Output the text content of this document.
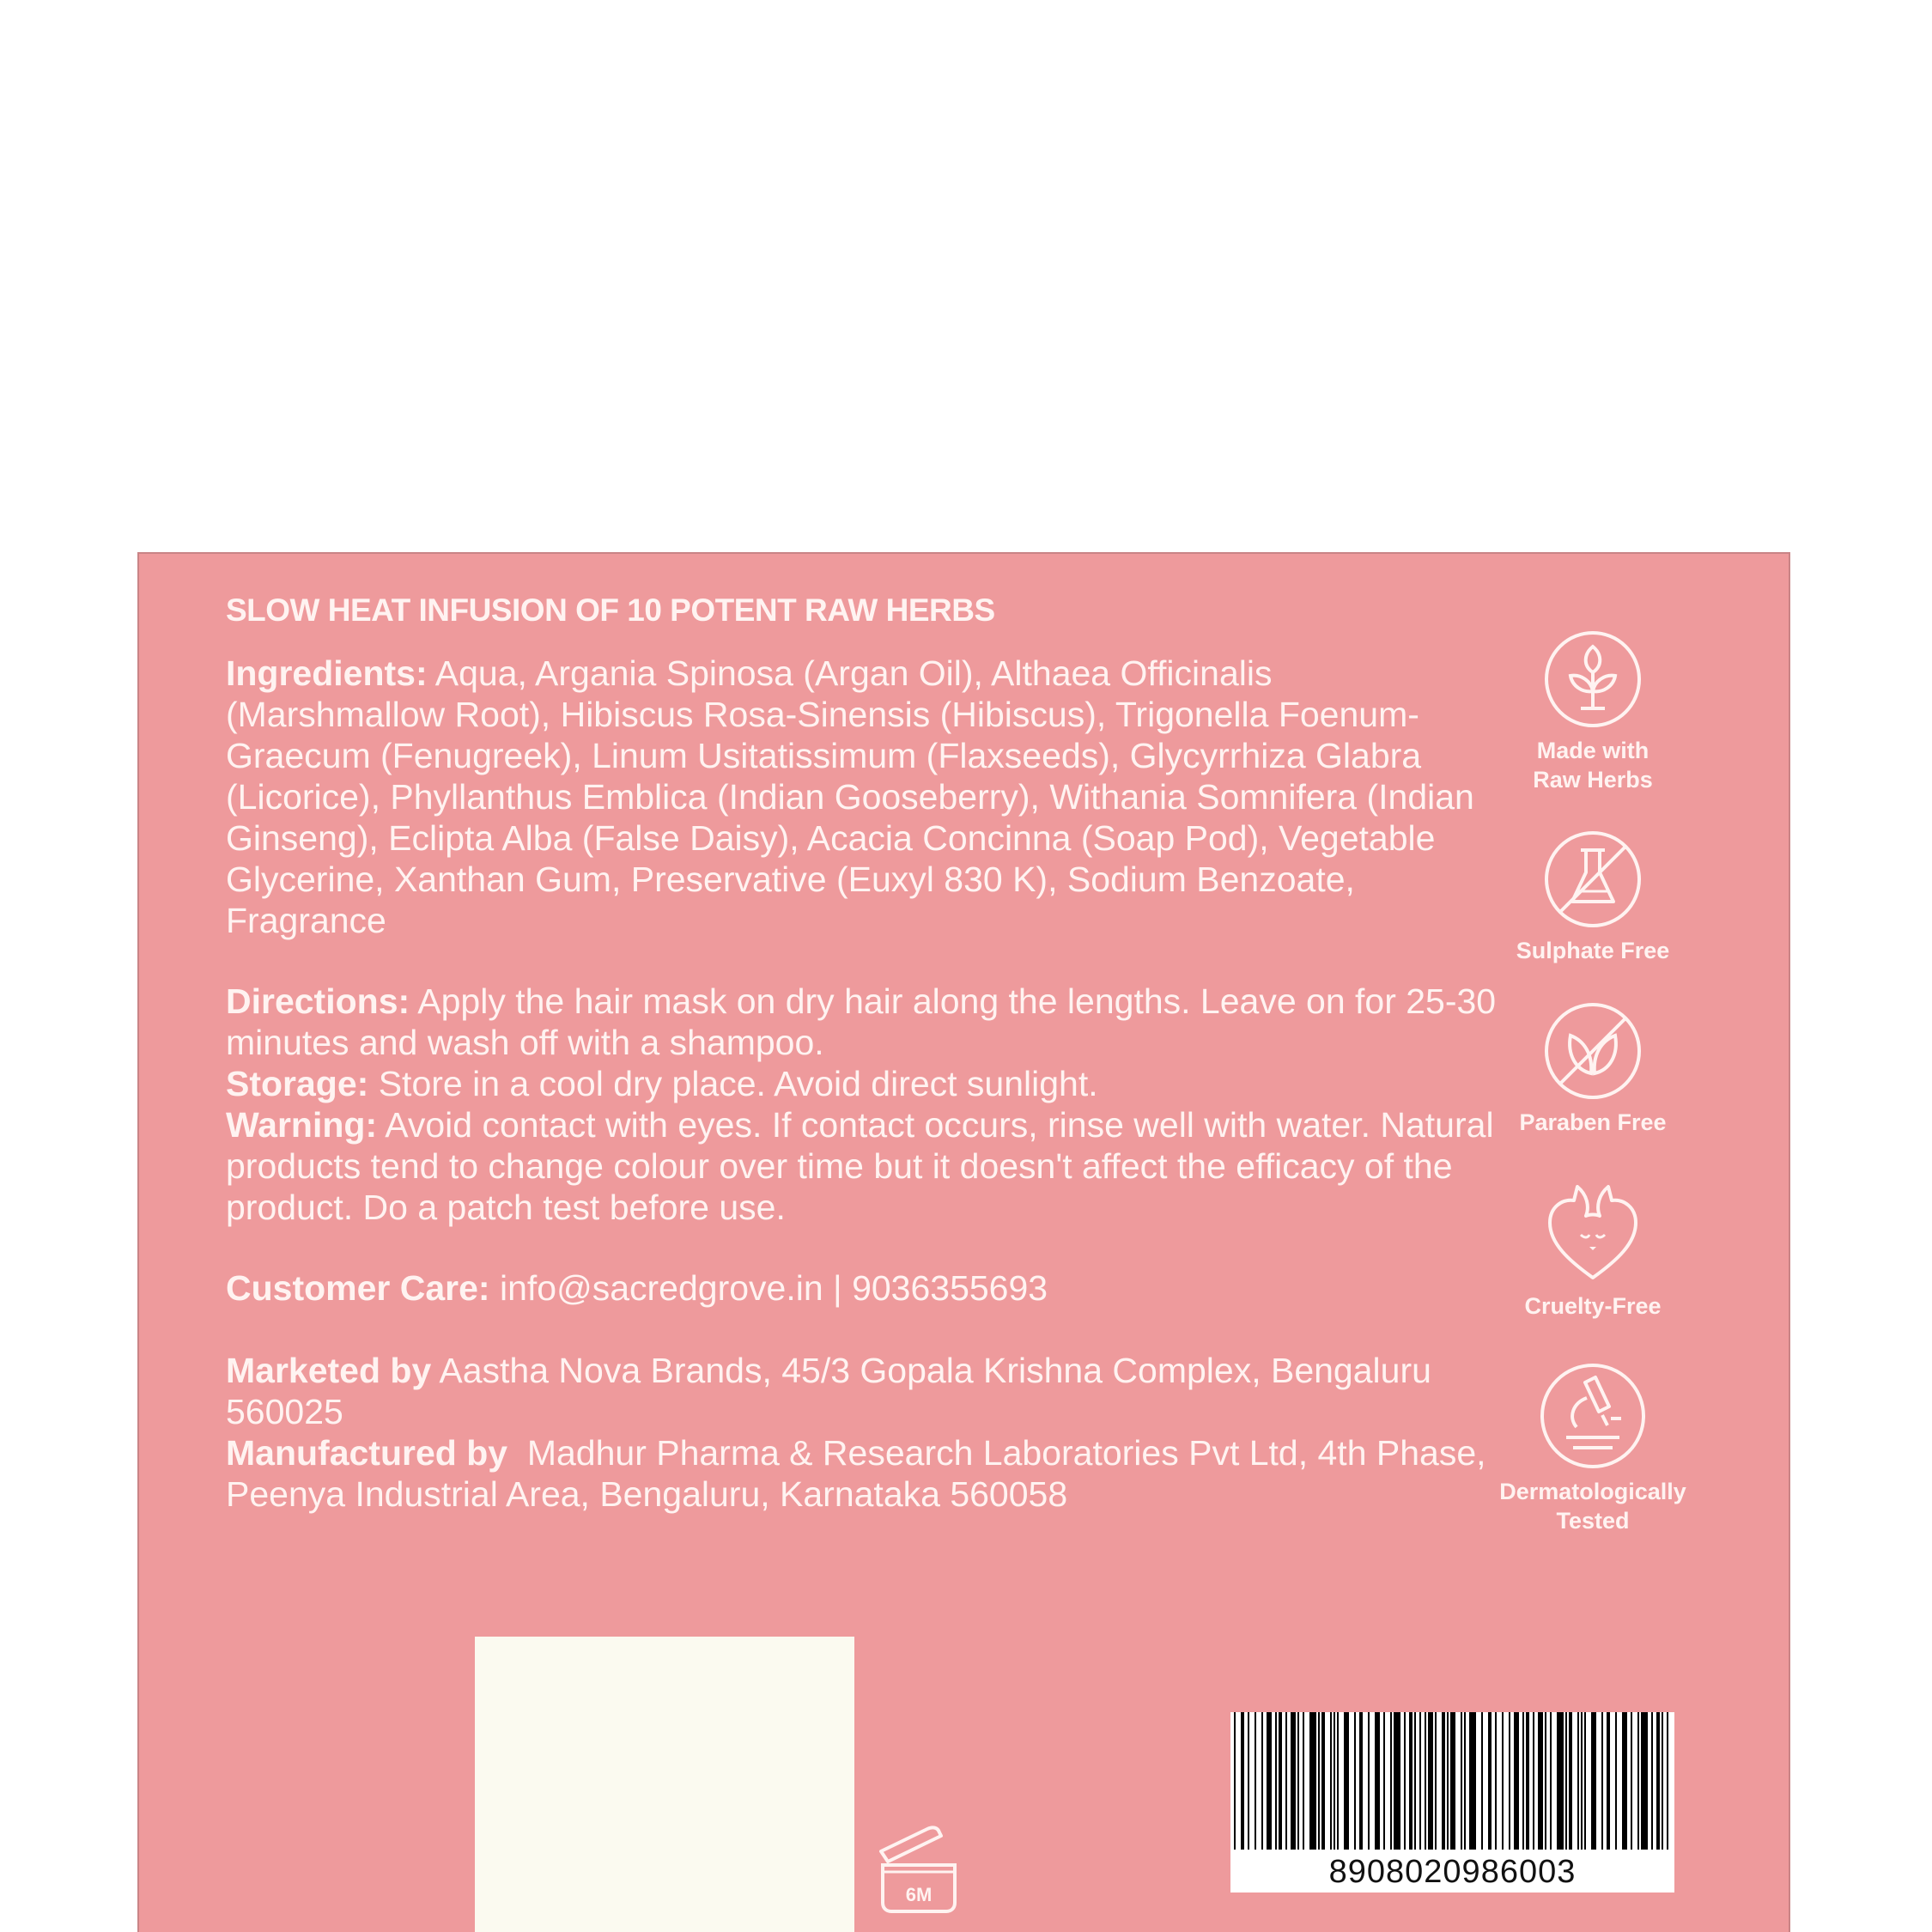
SLOW HEAT INFUSION OF 10 POTENT RAW HERBS

Ingredients: Aqua, Argania Spinosa (Argan Oil), Althaea Officinalis (Marshmallow Root), Hibiscus Rosa-Sinensis (Hibiscus), Trigonella Foenum-Graecum (Fenugreek), Linum Usitatissimum (Flaxseeds), Glycyrrhiza Glabra (Licorice), Phyllanthus Emblica (Indian Gooseberry), Withania Somnifera (Indian Ginseng), Eclipta Alba (False Daisy), Acacia Concinna (Soap Pod), Vegetable Glycerine, Xanthan Gum, Preservative (Euxyl 830 K), Sodium Benzoate, Fragrance

Directions: Apply the hair mask on dry hair along the lengths. Leave on for 25-30 minutes and wash off with a shampoo.

Storage: Store in a cool dry place. Avoid direct sunlight.

Warning: Avoid contact with eyes. If contact occurs, rinse well with water. Natural products tend to change colour over time but it doesn't affect the efficacy of the product. Do a patch test before use.

Customer Care: info@sacredgrove.in | 9036355693

Marketed by Aastha Nova Brands, 45/3 Gopala Krishna Complex, Bengaluru 560025

Manufactured by  Madhur Pharma & Research Laboratories Pvt Ltd, 4th Phase, Peenya Industrial Area, Bengaluru, Karnataka 560058

Made with
Raw Herbs
Sulphate Free
Paraben Free
Cruelty-Free
Dermatologically
Tested
6M
8908020986003
